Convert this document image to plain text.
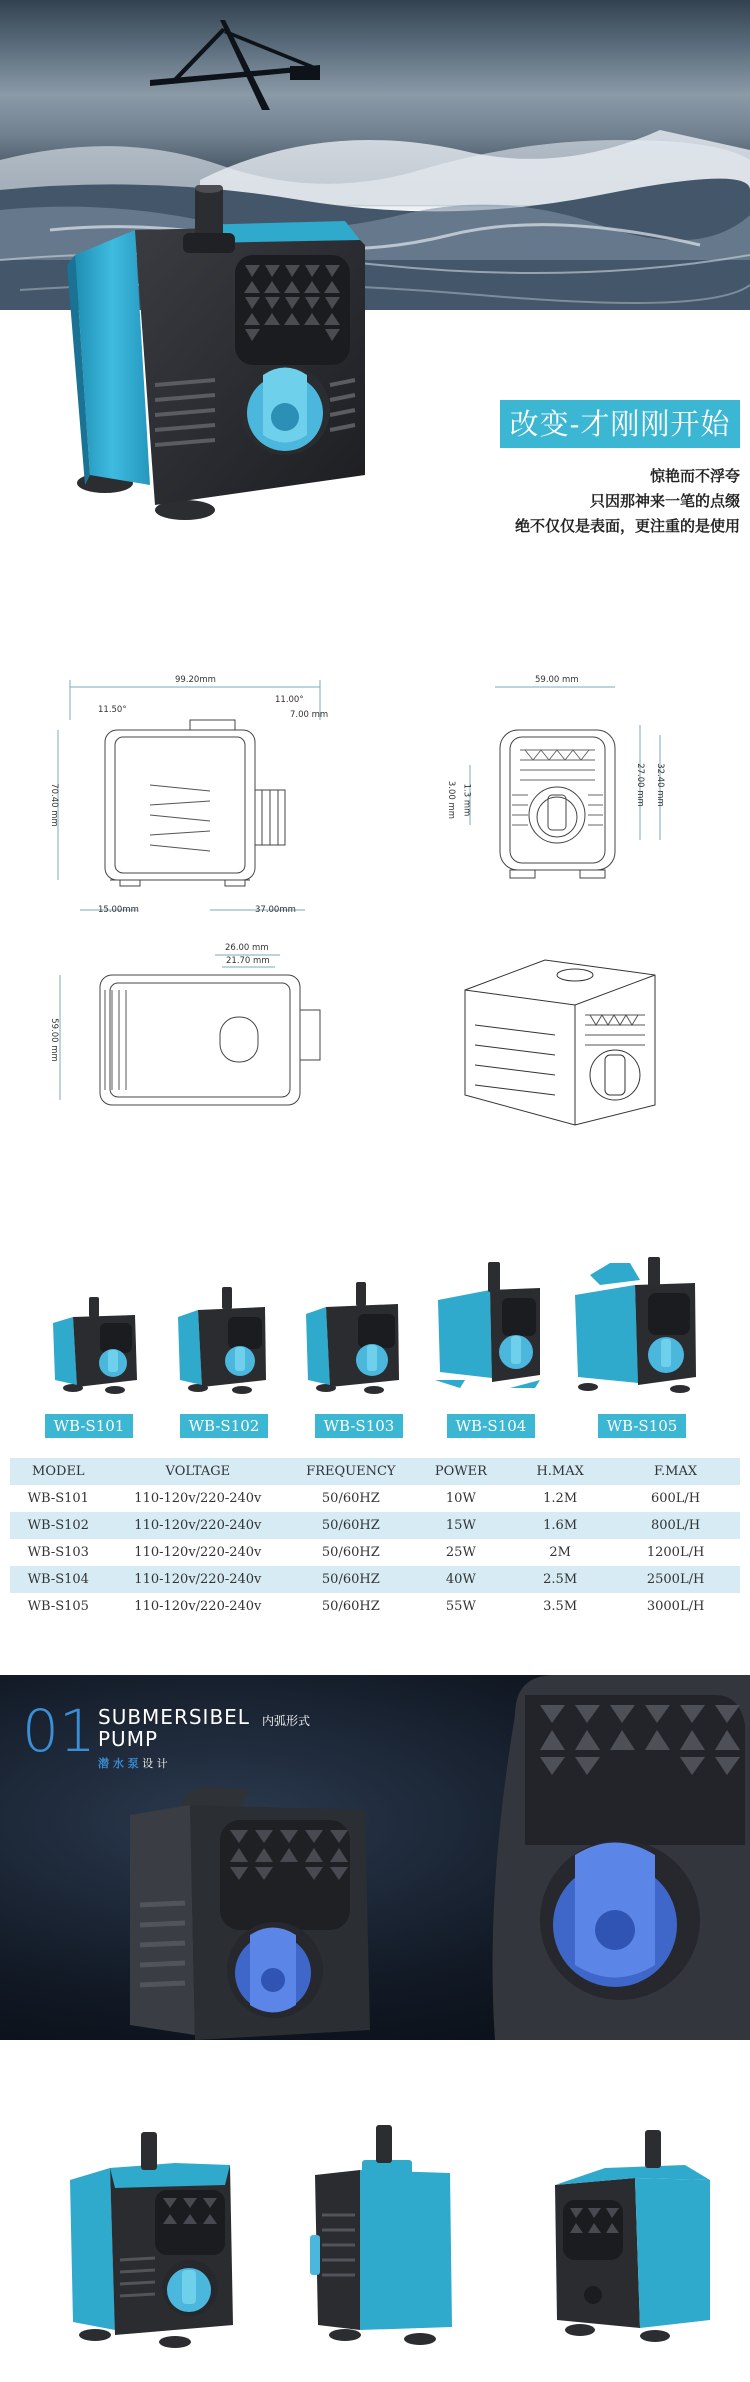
改变-才刚刚开始
惊艳而不浮夸
只因那神来一笔的点缀
绝不仅仅是表面，更注重的是使用
99.20mm
11.50°
11.00°
7.00 mm
70.40 mm
15.00mm	37.00mm
59.00 mm
3.00 mm 1.3 mm	27.00 mm 32.40 mm
26.00 mm
21.70 mm
59.00 mm
WB-S101	WB-S102	WB-S103	WB-S104	WB-S105
MODEL	VOLTAGE	FREQUENCY	POWER	H.MAX	F.MAX
WB-S101	110-120v/220-240v	50/60HZ	10W	1.2M	600L/H
WB-S102	110-120v/220-240v	50/60HZ	15W	1.6M	800L/H
WB-S103	110-120v/220-240v	50/60HZ	25W	2M	1200L/H
WB-S104	110-120v/220-240v	50/60HZ	40W	2.5M	2500L/H
WB-S105	110-120v/220-240v	50/60HZ	55W	3.5M	3000L/H
01 SUBMERSIBEL
PUMP
内弧形式
潜 水 泵 设 计
